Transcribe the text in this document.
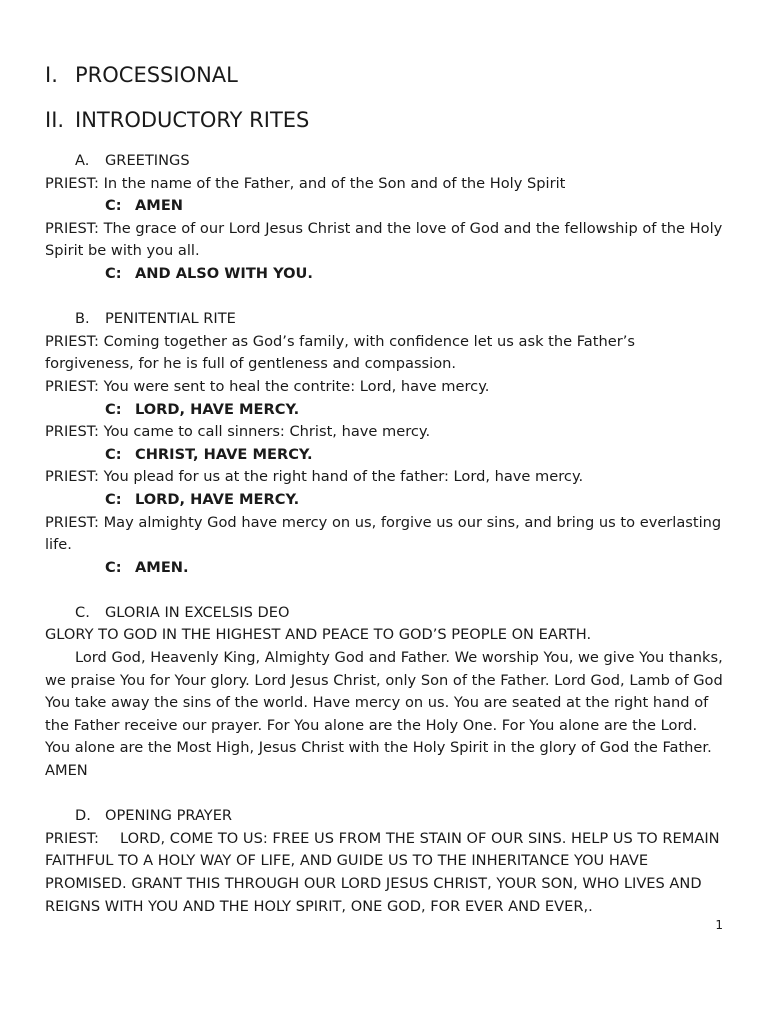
I. PROCESSIONAL
II. INTRODUCTORY RITES
A.	GREETINGS
PRIEST: In the name of the Father, and of the Son and of the Holy Spirit
C: AMEN
PRIEST: The grace of our Lord Jesus Christ and the love of God and the fellowship of the Holy Spirit be with you all.
C: AND ALSO WITH YOU.
B.	PENITENTIAL RITE
PRIEST: Coming together as God’s family, with confidence let us ask the Father’s forgiveness, for he is full of gentleness and compassion.
PRIEST: You were sent to heal the contrite: Lord, have mercy.
C: LORD, HAVE MERCY.
PRIEST: You came to call sinners: Christ, have mercy.
C: CHRIST, HAVE MERCY.
PRIEST: You plead for us at the right hand of the father: Lord, have mercy.
C: LORD, HAVE MERCY.
PRIEST: May almighty God have mercy on us, forgive us our sins, and bring us to everlasting life.
C: AMEN.
C.	GLORIA IN EXCELSIS DEO
GLORY TO GOD IN THE HIGHEST AND PEACE TO GOD’S PEOPLE ON EARTH.
Lord God, Heavenly King, Almighty God and Father. We worship You, we give You thanks, we praise You for Your glory. Lord Jesus Christ, only Son of the Father. Lord God, Lamb of God You take away the sins of the world. Have mercy on us. You are seated at the right hand of the Father receive our prayer. For You alone are the Holy One. For You alone are the Lord. You alone are the Most High, Jesus Christ with the Holy Spirit in the glory of God the Father. AMEN
D. OPENING PRAYER
PRIEST: LORD, COME TO US: FREE US FROM THE STAIN OF OUR SINS. HELP US TO REMAIN FAITHFUL TO A HOLY WAY OF LIFE, AND GUIDE US TO THE INHERITANCE YOU HAVE PROMISED. GRANT THIS THROUGH OUR LORD JESUS CHRIST, YOUR SON, WHO LIVES AND REIGNS WITH YOU AND THE HOLY SPIRIT, ONE GOD, FOR EVER AND EVER,.
1
